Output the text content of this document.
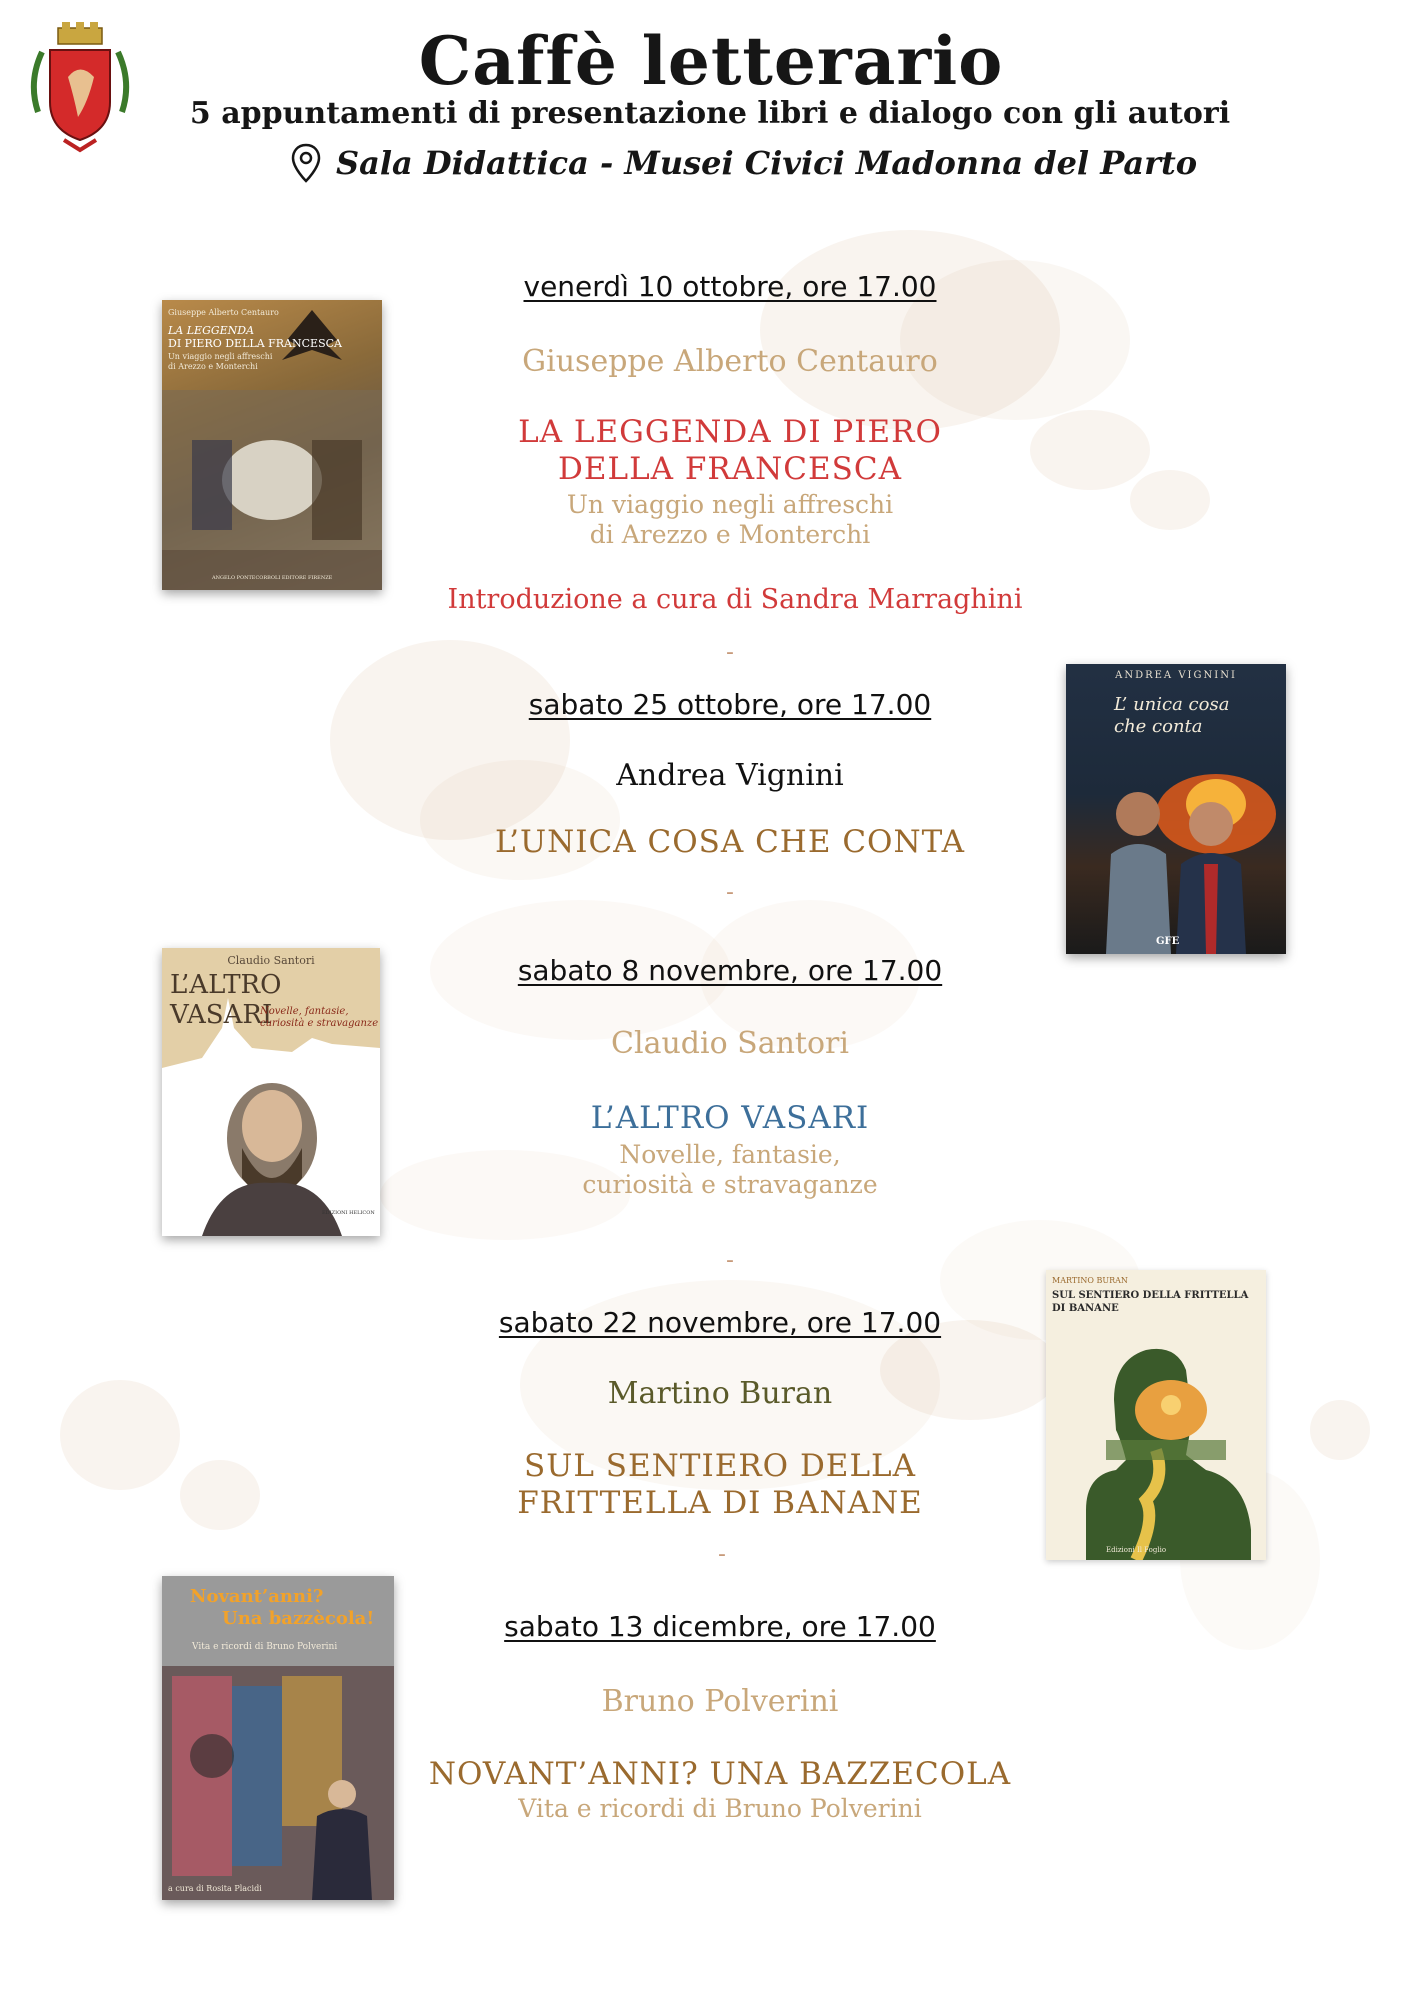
Caffè letterario
5 appuntamenti di presentazione libri e dialogo con gli autori
Sala Didattica - Musei Civici Madonna del Parto
venerdì 10 ottobre, ore 17.00
Giuseppe Alberto Centauro
LA LEGGENDA DI PIERO
DELLA FRANCESCA
Un viaggio negli affreschi
di Arezzo e Monterchi
Introduzione a cura di Sandra Marraghini
-
sabato 25 ottobre, ore 17.00
Andrea Vignini
L’UNICA COSA CHE CONTA
-
sabato 8 novembre, ore 17.00
Claudio Santori
L’ALTRO VASARI
Novelle, fantasie,
curiosità e stravaganze
-
sabato 22 novembre, ore 17.00
Martino Buran
SUL SENTIERO DELLA
FRITTELLA DI BANANE
-
sabato 13 dicembre, ore 17.00
Bruno Polverini
NOVANT’ANNI? UNA BAZZECOLA
Vita e ricordi di Bruno Polverini
Giuseppe Alberto Centauro
LA LEGGENDA
DI PIERO DELLA FRANCESCA
Un viaggio negli affreschi
di Arezzo e Monterchi
ANGELO PONTECORBOLI EDITORE FIRENZE
ANDREA VIGNINI
L’ unica cosa
che conta
GFE
Claudio Santori
L’ALTRO VASARI
Novelle, fantasie,
curiosità e stravaganze
EDIZIONI HELICON
MARTINO BURAN
SUL SENTIERO DELLA FRITTELLA
DI BANANE
Edizioni Il Foglio
Novant’anni?
Una bazzècola!
Vita e ricordi di Bruno Polverini
a cura di Rosita Placidi
